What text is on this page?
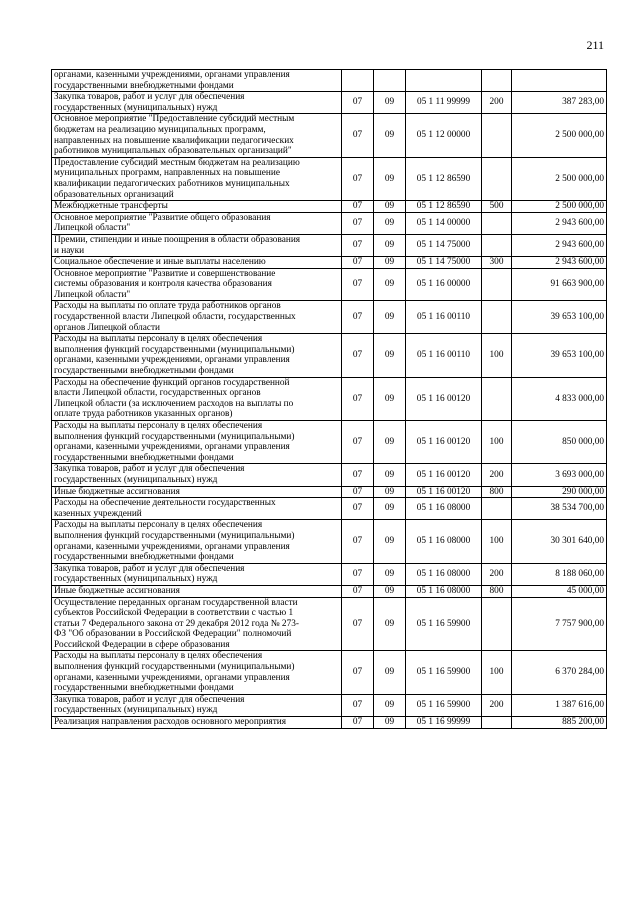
211
органами, казенными учреждениями, органами управления
государственными внебюджетными фондами					
Закупка товаров, работ и услуг для обеспечения
государственных (муниципальных) нужд	07	09	05 1 11 99999	200	387 283,00
Основное мероприятие "Предоставление субсидий местным
бюджетам на реализацию муниципальных программ,
направленных на повышение квалификации педагогических
работников муниципальных образовательных организаций"	07	09	05 1 12 00000		2 500 000,00
Предоставление субсидий местным бюджетам на реализацию
муниципальных программ, направленных на повышение
квалификации педагогических работников муниципальных
образовательных организаций	07	09	05 1 12 86590		2 500 000,00
Межбюджетные трансферты	07	09	05 1 12 86590	500	2 500 000,00
Основное мероприятие "Развитие общего образования
Липецкой области"	07	09	05 1 14 00000		2 943 600,00
Премии, стипендии и иные поощрения в области образования
и науки	07	09	05 1 14 75000		2 943 600,00
Социальное обеспечение и иные выплаты населению	07	09	05 1 14 75000	300	2 943 600,00
Основное мероприятие "Развитие и совершенствование
системы образования и контроля качества образования
Липецкой области"	07	09	05 1 16 00000		91 663 900,00
Расходы на выплаты по оплате труда работников органов
государственной власти Липецкой области, государственных
органов Липецкой области	07	09	05 1 16 00110		39 653 100,00
Расходы на выплаты персоналу в целях обеспечения
выполнения функций государственными (муниципальными)
органами, казенными учреждениями, органами управления
государственными внебюджетными фондами	07	09	05 1 16 00110	100	39 653 100,00
Расходы на обеспечение функций органов государственной
власти Липецкой области, государственных органов
Липецкой области (за исключением расходов на выплаты по
оплате труда работников указанных органов)	07	09	05 1 16 00120		4 833 000,00
Расходы на выплаты персоналу в целях обеспечения
выполнения функций государственными (муниципальными)
органами, казенными учреждениями, органами управления
государственными внебюджетными фондами	07	09	05 1 16 00120	100	850 000,00
Закупка товаров, работ и услуг для обеспечения
государственных (муниципальных) нужд	07	09	05 1 16 00120	200	3 693 000,00
Иные бюджетные ассигнования	07	09	05 1 16 00120	800	290 000,00
Расходы на обеспечение деятельности государственных
казенных учреждений	07	09	05 1 16 08000		38 534 700,00
Расходы на выплаты персоналу в целях обеспечения
выполнения функций государственными (муниципальными)
органами, казенными учреждениями, органами управления
государственными внебюджетными фондами	07	09	05 1 16 08000	100	30 301 640,00
Закупка товаров, работ и услуг для обеспечения
государственных (муниципальных) нужд	07	09	05 1 16 08000	200	8 188 060,00
Иные бюджетные ассигнования	07	09	05 1 16 08000	800	45 000,00
Осуществление переданных органам государственной власти
субъектов Российской Федерации в соответствии с частью 1
статьи 7 Федерального закона от 29 декабря 2012 года № 273-
ФЗ "Об образовании в Российской Федерации" полномочий
Российской Федерации в сфере образования	07	09	05 1 16 59900		7 757 900,00
Расходы на выплаты персоналу в целях обеспечения
выполнения функций государственными (муниципальными)
органами, казенными учреждениями, органами управления
государственными внебюджетными фондами	07	09	05 1 16 59900	100	6 370 284,00
Закупка товаров, работ и услуг для обеспечения
государственных (муниципальных) нужд	07	09	05 1 16 59900	200	1 387 616,00
Реализация направления расходов основного мероприятия	07	09	05 1 16 99999		885 200,00
